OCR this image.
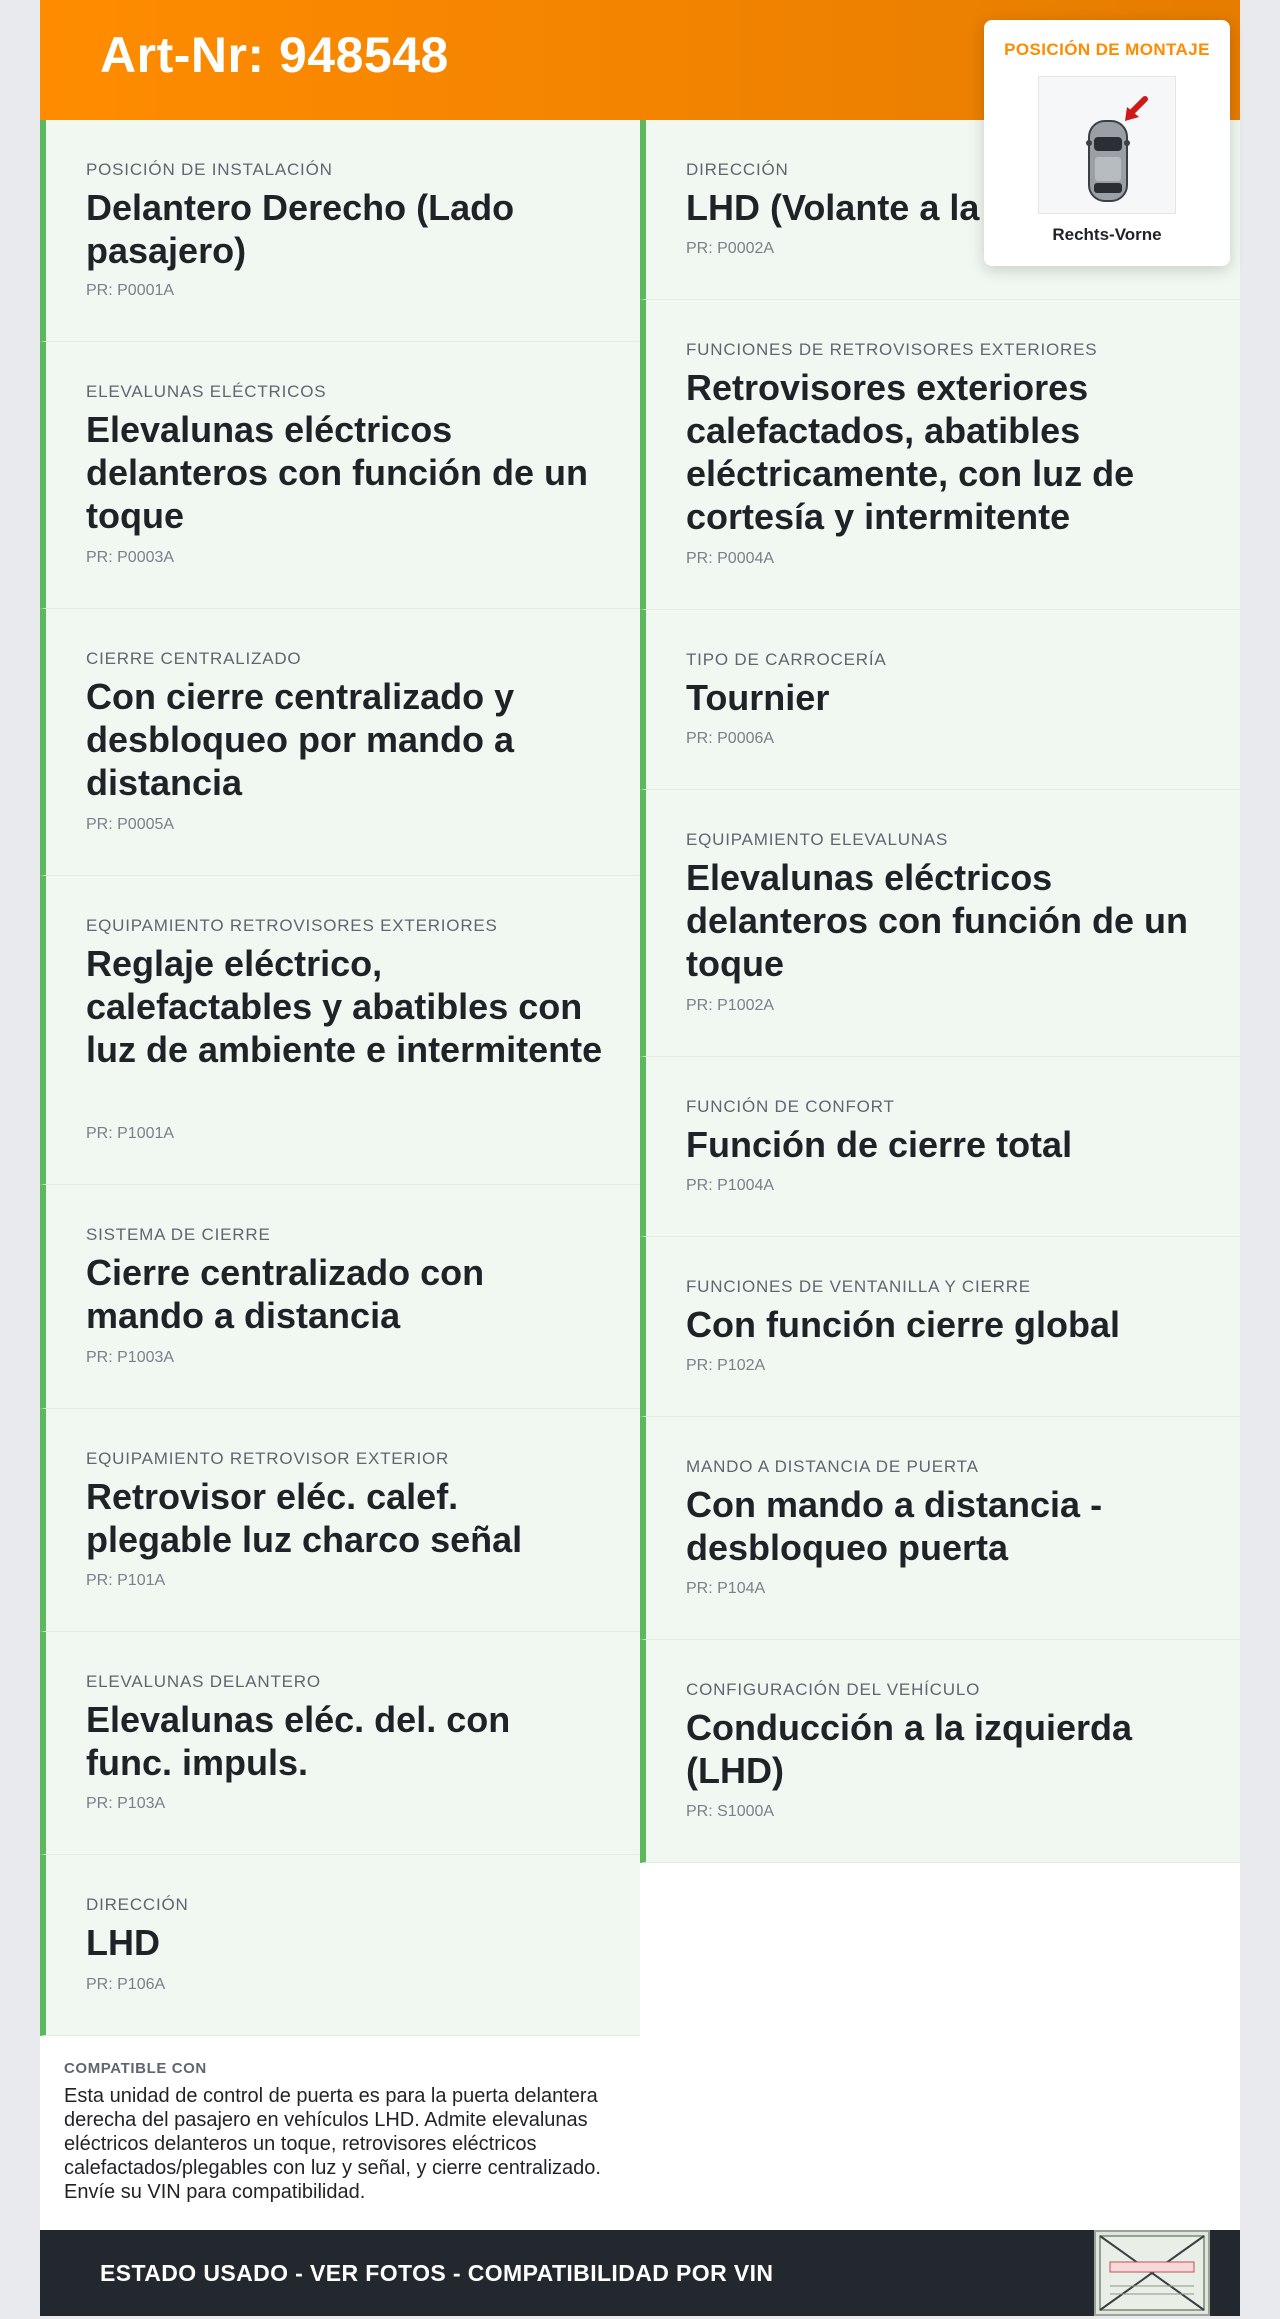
Art-Nr: 948548
POSICIÓN DE INSTALACIÓN
Delantero Derecho (Lado pasajero)
PR: P0001A
ELEVALUNAS ELÉCTRICOS
Elevalunas eléctricos delanteros con función de un toque
PR: P0003A
CIERRE CENTRALIZADO
Con cierre centralizado y desbloqueo por mando a distancia
PR: P0005A
EQUIPAMIENTO RETROVISORES EXTERIORES
Reglaje eléctrico, calefactables y abatibles con luz de ambiente e intermitente
PR: P1001A
SISTEMA DE CIERRE
Cierre centralizado con mando a distancia
PR: P1003A
EQUIPAMIENTO RETROVISOR EXTERIOR
Retrovisor eléc. calef. plegable luz charco señal
PR: P101A
ELEVALUNAS DELANTERO
Elevalunas eléc. del. con func. impuls.
PR: P103A
DIRECCIÓN
LHD
PR: P106A
DIRECCIÓN
LHD (Volante a la
PR: P0002A
FUNCIONES DE RETROVISORES EXTERIORES
Retrovisores exteriores calefactados, abatibles eléctricamente, con luz de cortesía y intermitente
PR: P0004A
TIPO DE CARROCERÍA
Tournier
PR: P0006A
EQUIPAMIENTO ELEVALUNAS
Elevalunas eléctricos delanteros con función de un toque
PR: P1002A
FUNCIÓN DE CONFORT
Función de cierre total
PR: P1004A
FUNCIONES DE VENTANILLA Y CIERRE
Con función cierre global
PR: P102A
MANDO A DISTANCIA DE PUERTA
Con mando a distancia - desbloqueo puerta
PR: P104A
CONFIGURACIÓN DEL VEHÍCULO
Conducción a la izquierda (LHD)
PR: S1000A
COMPATIBLE CON
Esta unidad de control de puerta es para la puerta delantera derecha del pasajero en vehículos LHD. Admite elevalunas eléctricos delanteros un toque, retrovisores eléctricos calefactados/plegables con luz y señal, y cierre centralizado. Envíe su VIN para compatibilidad.
ESTADO USADO - VER FOTOS - COMPATIBILIDAD POR VIN
POSICIÓN DE MONTAJE
Rechts-Vorne
